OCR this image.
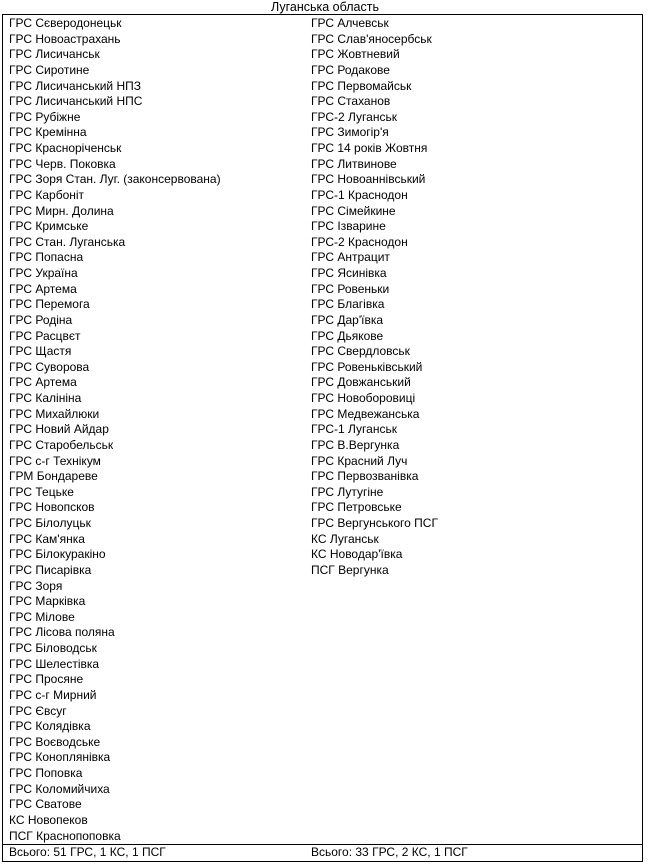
Луганська область
ГРС Сєверодонецьк
ГРС Новоастрахань
ГРС Лисичанськ
ГРС Сиротине
ГРС Лисичанський НПЗ
ГРС Лисичанський НПС
ГРС Рубіжне
ГРС Кремінна
ГРС Красноріченськ
ГРС Черв. Поковка
ГРС Зоря Стан. Луг. (законсервована)
ГРС Карбоніт
ГРС Мирн. Долина
ГРС Кримське
ГРС Стан. Луганська
ГРС Попасна
ГРС Україна
ГРС Артема
ГРС Перемога
ГРС Родіна
ГРС Расцвєт
ГРС Щастя
ГРС Суворова
ГРС Артема
ГРС Калініна
ГРС Михайлюки
ГРС Новий Айдар
ГРС Старобельськ
ГРС с-г Технікум
ГРМ Бондареве
ГРС Тецьке
ГРС Новопсков
ГРС Білолуцьк
ГРС Кам'янка
ГРС Білокуракіно
ГРС Писарівка
ГРС Зоря
ГРС Марківка
ГРС Мілове
ГРС Лісова поляна
ГРС Біловодськ
ГРС Шелестівка
ГРС Просяне
ГРС с-г Мирний
ГРС Євсуг
ГРС Колядівка
ГРС Воєводське
ГРС Коноплянівка
ГРС Поповка
ГРС Коломийчиха
ГРС Сватове
КС Новопеков
ПСГ Краснопоповка
ГРС Алчевськ
ГРС Слав'яносербськ
ГРС Жовтневий
ГРС Родакове
ГРС Первомайськ
ГРС Стаханов
ГРС-2 Луганськ
ГРС Зимогір'я
ГРС 14 років Жовтня
ГРС Литвинове
ГРС Новоаннівський
ГРС-1 Краснодон
ГРС Сімейкине
ГРС Ізварине
ГРС-2 Краснодон
ГРС Антрацит
ГРС Ясинівка
ГРС Ровеньки
ГРС Благівка
ГРС Дар'ївка
ГРС Дьякове
ГРС Свердловськ
ГРС Ровеньківський
ГРС Довжанський
ГРС Новоборовиці
ГРС Медвежанська
ГРС-1 Луганськ
ГРС В.Вергунка
ГРС Красний Луч
ГРС Первозванівка
ГРС Лутугіне
ГРС Петровське
ГРС Вергунського ПСГ
КС Луганськ
КС Новодар'ївка
ПСГ Вергунка
Всього: 51 ГРС, 1 КС, 1 ПСГ	Всього: 33 ГРС, 2 КС, 1 ПСГ
